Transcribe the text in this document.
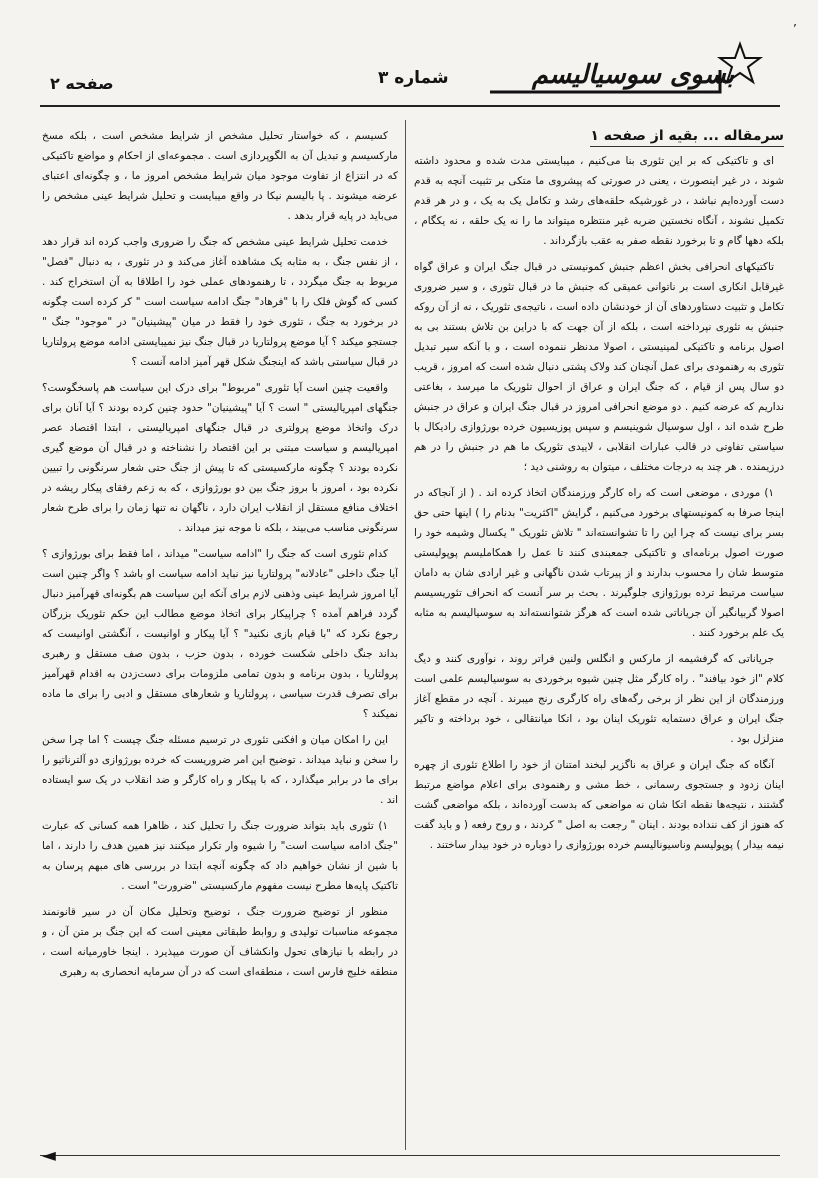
’
صفحه ۲	شماره ۳	بسوی سوسیالیسم
سرمقاله ... بقیه از صفحه ۱

ای و تاکتیکی که بر این تئوری بنا می‌کنیم ، میبایستی مدت شده و محدود داشته شوند ، در غیر اینصورت ، یعنی در صورتی که پیشروی ما متکی بر تثبیت آنچه به قدم دست آورده‌ایم نباشد ، در غورشیکه حلقه‌های رشد و تکامل یک به یک ، و در هر قدم تکمیل نشوند ، آنگاه نخستین ضربه غیر منتظره میتواند ما را نه یک حلقه ، نه یکگام ، بلکه دهها گام و تا برخورد نقطه صفر به عقب بازگرداند .

تاکتیکهای انحرافی بخش اعظم جنبش کمونیستی در قبال جنگ ایران و عراق گواه غیرقابل انکاری است بر ناتوانی عمیقی که جنبش ما در قبال تئوری ، و سیر ضروری تکامل و تثبیت دستاوردهای آن از خودنشان داده است ، ناتیجه‌ی تئوریک ، نه از آن روکه جنبش به تئوری نپرداخته است ، بلکه از آن جهت که با دراین بن تلاش بستند بی به اصول برنامه و تاکتیکی لمینیستی ، اصولا مدنظر ننموده است ، و با آنکه سیر تبدیل تئوری به رهنمودی برای عمل آنچنان کند ولاک پشتی دنبال شده است که امروز ، قریب دو سال پس از قیام ، که جنگ ایران و عراق از احوال تئوریک ما میرسد ، بغاعتی نداریم که عرضه کنیم . دو موضع انحرافی امروز در قبال جنگ ایران و عراق در جنبش طرح شده اند ، اول سوسیال شوینیسم و سپس پوزیسیون خرده بورژوازی رادیکال با سیاستی تفاوتی در قالب عبارات انقلابی ، لاییدی تئوریک ما هم در جنبش را در هم درزیمنده . هر چند به درجات مختلف ، میتوان به روشنی دید ؛

۱) موردی ، موضعی است که راه کارگر ورزمندگان اتخاذ کرده اند . ( از آنجاکه در اینجا صرفا به کمونیستهای برخورد می‌کنیم ، گرایش "اکثریت" بدنام را ) اینها حتی حق بسر برای نیست که چرا این را تا تشوانسته‌اند " تلاش تئوریک " یکسال وشیمه خود را صورت اصول برنامه‌ای و تاکتیکی جمعبندی کنند تا عمل را همکاملیسم پوپولیستی متوسط شان را محسوب بدارند و از پیرتاب شدن ناگهانی و غیر ارادی شان به دامان سیاست مرتبط ترده بورژوازی جلوگیرند . بحث بر سر آنست که انحراف تئوریسیسم اصولا گربیانگیر آن جریاناتی شده است که هرگز شتوانسته‌اند به سوسیالیسم به مثابه یک علم برخورد کنند .

جریاناتی که گرفشیمه از مارکس و انگلس ولنین فراتر روند ، نوآوری کنند و دیگ کلام "از خود بیافند" . راه کارگر مثل چنین شیوه برخوردی به سوسیالیسم علمی است ورزمندگان از این نظر از برخی رگه‌های راه کارگری رنج میبرند . آنچه در مقطع آغاز جنگ ایران و عراق دستمایه تئوریک اینان بود ، اتکا میانتقالی ، خود برداخته و تاکیر منزلزل بود .

آنگاه که جنگ ایران و عراق به ناگزیر لبخند امتنان از خود را اطلاع تئوری از چهره اینان زدود و جستجوی رسمانی ، خط مشی و رهنمودی برای اعلام مواضع مرتبط گشتند ، نتیجه‌ها نقطه اتکا شان نه مواضعی که بدست آورده‌اند ، بلکه مواضعی گشت که هنوز از کف ننداده بودند . اینان " رجعت به اصل " کردند ، و روح رفعه ( و باید گفت نیمه بیدار ) پوپولیسم وناسیونالیسم خرده بورژوازی را دوباره در خود بیدار ساختند .

کسیسم ، که خواستار تحلیل مشخص از شرایط مشخص است ، بلکه مسخ مارکسیسم و تبدیل آن به الگوپردازی است . مجموعه‌ای از احکام و مواضع تاکتیکی که در انتزاع از تفاوت موجود میان شرایط مشخص امروز ما ، و چگونه‌ای اعتبای عرضه میشوند . پا بالیسم نیکا در واقع میبایست و تحلیل شرایط عینی مشخص را می‌باید در پایه قرار بدهد .

خدمت تحلیل شرایط عینی مشخص که جنگ را ضروری واجب کرده اند قرار دهد ، از نفس جنگ ، به مثابه یک مشاهده آغاز می‌کند و در تئوری ، به دنبال "فصل" مربوط به جنگ میگردد ، تا رهنمودهای عملی خود را اطلاقا به آن استخراج کند . کسی که گوش فلک را با "فرهاد" جنگ ادامه سیاست است " کر کرده است چگونه در برخورد به جنگ ، تئوری خود را فقط در میان "پیشینیان" در "موجود" جنگ " جستجو میکند ؟ آیا موضع پرولتاریا در قبال جنگ نیز نمیبایستی ادامه موضع پرولتاریا در قبال سیاستی باشد که اینجنگ شکل قهر آمیز ادامه آنست ؟

واقعیت چنین است آیا تئوری "مربوط" برای درک این سیاست هم پاسخگوست؟ جنگهای امپریالیستی " است ؟ آیا "پیشینیان" حدود چنین کرده بودند ؟ آیا آنان برای درک واتخاذ موضع پرولتری در قبال جنگهای امپریالیستی ، ابتدا اقتصاد عصر امپریالیسم و سیاست مبتنی بر این اقتصاد را نشناخته و در قبال آن موضع گیری نکرده بودند ؟ چگونه مارکسیستی که تا پیش از جنگ حتی شعار سرنگونی را تبیین نکرده بود ، امروز با بروز جنگ بین دو بورژوازی ، که به زعم رفقای پیکار ریشه در اختلاف منافع مستقل از انقلاب ایران دارد ، ناگهان نه تنها زمان را برای طرح شعار سرنگونی مناسب می‌بیند ، بلکه نا موجه نیز میداند .

کدام تئوری است که جنگ را "ادامه سیاست" میداند ، اما فقط برای بورژوازی ؟ آیا جنگ داخلی "عادلانه" پرولتاریا نیز نباید ادامه سیاست او باشد ؟ واگر چنین است آیا امروز شرایط عینی وذهنی لازم برای آنکه این سیاست هم بگونه‌ای قهرآمیز دنبال گردد فراهم آمده ؟ چراپیکار برای اتخاذ موضع مطالب این حکم تئوریک بزرگان رجوع نکرد که "با قیام بازی نکنید" ؟ آیا پیکار و اوانیست ، آنگشتی اوانیست که بداند جنگ داخلی شکست خورده ، بدون حزب ، بدون صف مستقل و رهبری پرولتاریا ، بدون برنامه و بدون تمامی ملزومات برای دست‌زدن به اقدام قهرآمیز برای تصرف قدرت سیاسی ، پرولتاریا و شعارهای مستقل و ادبی را برای ما ماده نمیکند ؟

این را امکان میان و افکنی تئوری در ترسیم مسئله جنگ چیست ؟ اما چرا سخن را سخن و نباید میداند . توضیح این امر ضروریست که خرده بورژوازی دو آلترناتیو را برای ما در برابر میگذارد ، که با پیکار و راه کارگر و ضد انقلاب در یک سو ایستاده اند .

۱) تئوری باید بتواند ضرورت جنگ را تحلیل کند ، ظاهرا همه کسانی که عبارت "جنگ ادامه سیاست است" را شیوه وار تکرار میکنند نیز همین هدف را دارند ، اما با شین از نشان خواهیم داد که چگونه آنچه ابتدا در بررسی های مبهم پرسان به تاکتیک پایه‌ها مطرح نیست مفهوم مارکسیستی "ضرورت" است .

منظور از توضیح ضرورت جنگ ، توضیح وتحلیل مکان آن در سیر قانونمند مجموعه مناسبات تولیدی و روابط طبقاتی معینی است که این جنگ بر متن آن ، و در رابطه با نیازهای تحول وانکشاف آن صورت میپذیرد . اینجا خاورمیانه است ، منطقه خلیج فارس است ، منطقه‌ای است که در آن سرمایه انحصاری به رهبری

◄
